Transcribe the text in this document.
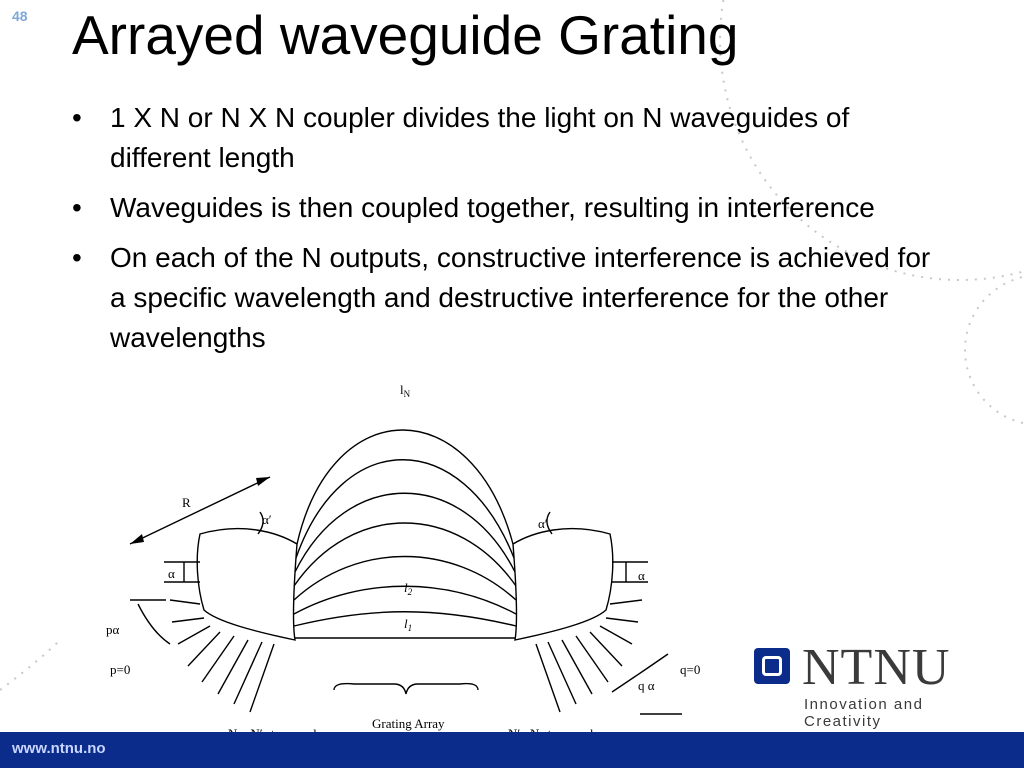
48 Arrayed waveguide Grating
• 1 X N or N X N coupler divides the light on N waveguides of different length
• Waveguides is then coupled together, resulting in interference
• On each of the N outputs, constructive interference is achieved for a specific wavelength and destructive interference for the other wavelengths
$l_N$
$l_2$
$l_1$
R
α′	α′
α	α
pα
p=0	q=0
q α
Grating Array
NTNU
Innovation and Creativity
www.ntnu.no
